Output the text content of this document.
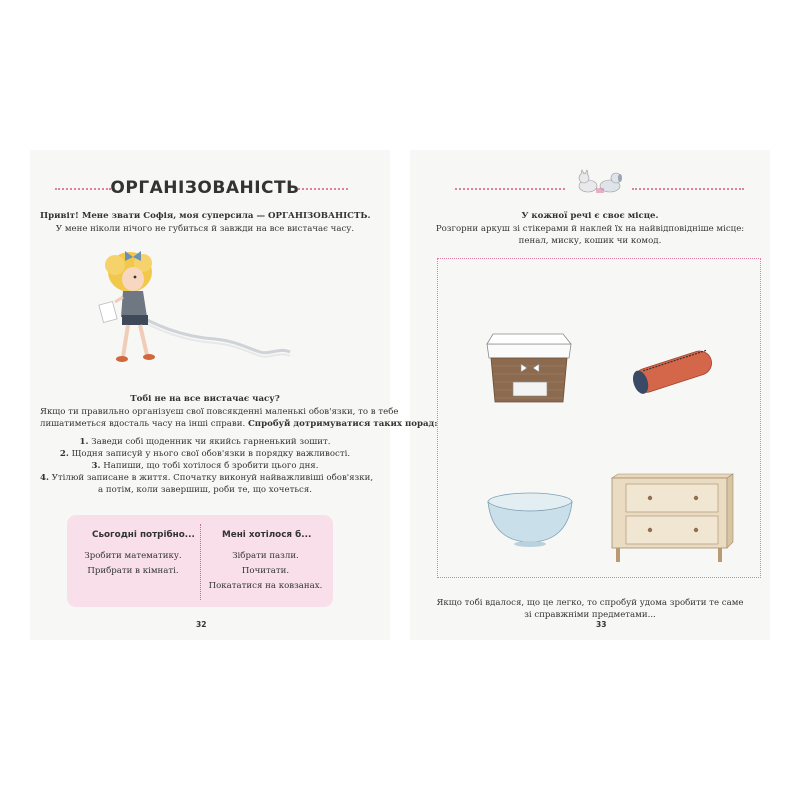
ОРГАНІЗОВАНІСТЬ
Привіт! Мене звати Софія, моя суперсила — ОРГАНІЗОВАНІСТЬ.
У мене ніколи нічого не губиться й завжди на все вистачає часу.
Тобі не на все вистачає часу?
Якщо ти правильно організуєш свої повсякденні маленькі обов'язки, то в тебе
лишатиметься вдосталь часу на інші справи. Спробуй дотримуватися таких порад:
1. Заведи собі щоденник чи якийсь гарненький зошит.
2. Щодня записуй у нього свої обов'язки в порядку важливості.
3. Напиши, що тобі хотілося б зробити цього дня.
4. Утілюй записане в життя. Спочатку виконуй найважливіші обов'язки,
а потім, коли завершиш, роби те, що хочеться.
Сьогодні потрібно...
Зробити математику.
Прибрати в кімнаті.
Мені хотілося б...
Зібрати пазли.
Почитати.
Покататися на ковзанах.
32
У кожної речі є своє місце.
Розгорни аркуш зі стікерами й наклей їх на найвідповідніше місце:
пенал, миску, кошик чи комод.
Якщо тобі вдалося, що це легко, то спробуй удома зробити те саме
зі справжніми предметами...
33
